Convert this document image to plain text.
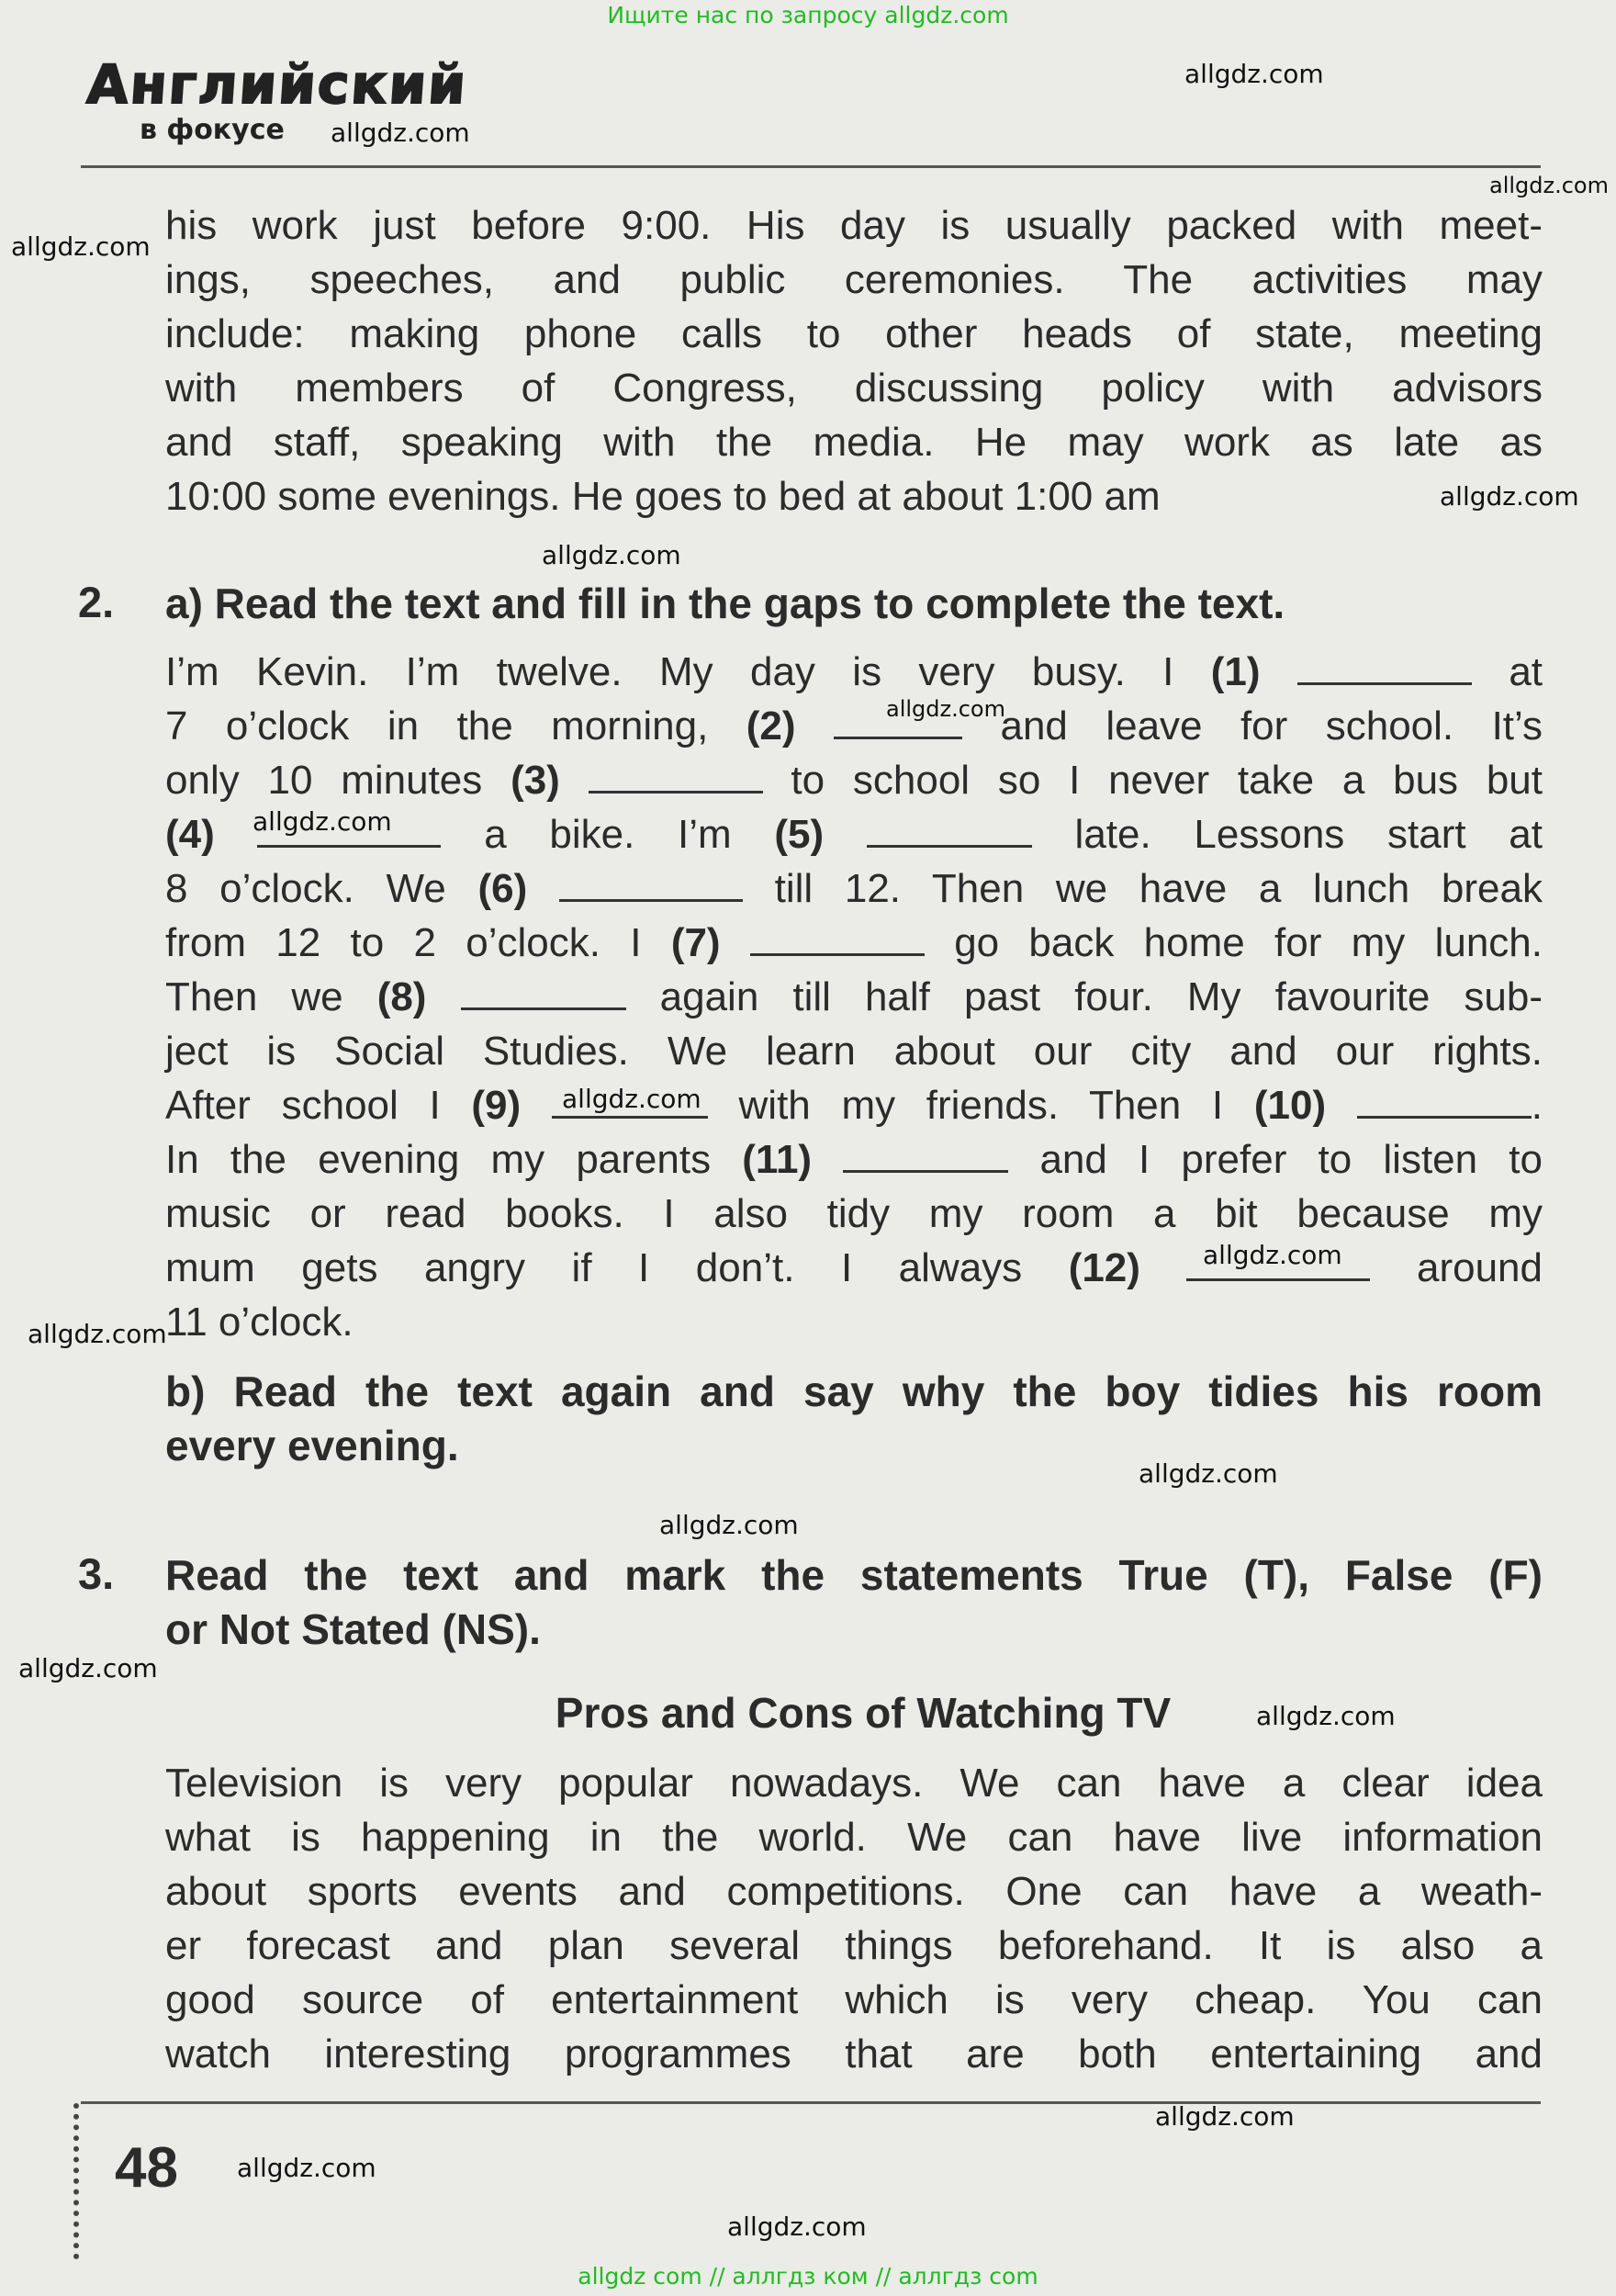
Ищите нас по запросу allgdz.com
allgdz.com
allgdz.com
allgdz.com
allgdz.com
allgdz.com
allgdz.com
allgdz.com
allgdz.com
allgdz.com
allgdz.com
allgdz.com
allgdz.com
allgdz.com
allgdz.com
allgdz.com
allgdz.com
allgdz.com
allgdz.com
allgdz com // аллгдз ком // аллгдз com
Английский
в фокусе
his work just before 9:00. His day is usually packed with meet-
ings, speeches, and public ceremonies. The activities may
include: making phone calls to other heads of state, meeting
with members of Congress, discussing policy with advisors
and staff, speaking with the media. He may work as late as
10:00 some evenings. He goes to bed at about 1:00 am
2. a) Read the text and fill in the gaps to complete the text.
I’m Kevin. I’m twelve. My day is very busy. I (1)	at
7 o’clock in the morning, (2)	and leave for school. It’s
only 10 minutes (3)	to school so I never take a bus but
(4)	a bike. I’m (5)	late. Lessons start at
8 o’clock. We (6)	till 12. Then we have a lunch break
from 12 to 2 o’clock. I (7)	go back home for my lunch.
Then we (8)	again till half past four. My favourite sub-
ject is Social Studies. We learn about our city and our rights.
After school I (9)	with my friends. Then I (10)	.
In the evening my parents (11)	and I prefer to listen to
music or read books. I also tidy my room a bit because my
mum gets angry if I don’t. I always (12)	around
11 o’clock.
b) Read the text again and say why the boy tidies his room
every evening.
3. Read the text and mark the statements True (T), False (F)
or Not Stated (NS).
Pros and Cons of Watching TV
Television is very popular nowadays. We can have a clear idea
what is happening in the world. We can have live information
about sports events and competitions. One can have a weath-
er forecast and plan several things beforehand. It is also a
good source of entertainment which is very cheap. You can
watch interesting programmes that are both entertaining and
48
